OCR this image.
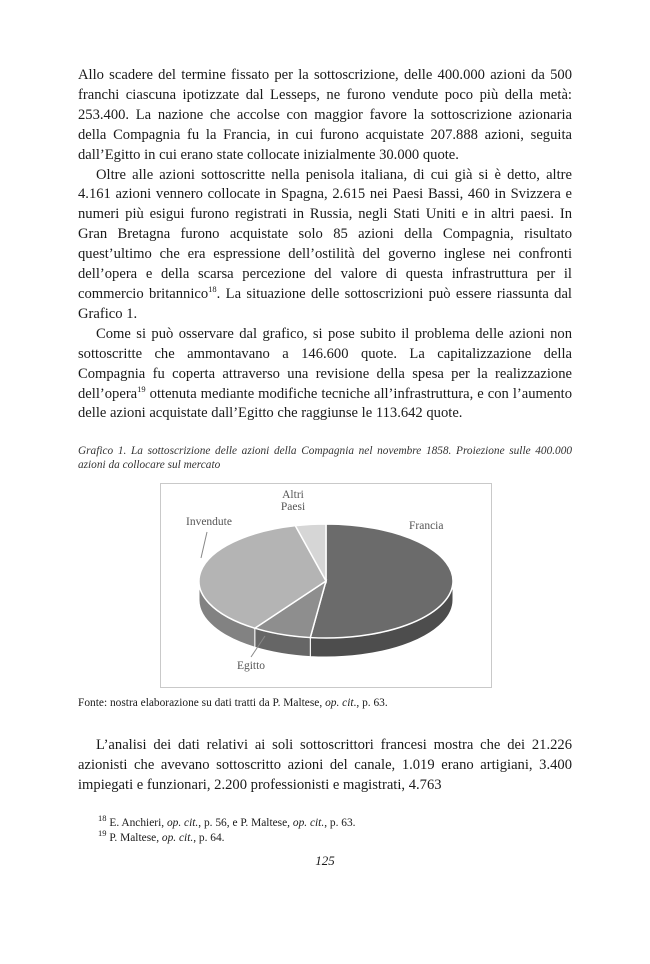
Allo scadere del termine fissato per la sottoscrizione, delle 400.000 azioni da 500 franchi ciascuna ipotizzate dal Lesseps, ne furono vendute poco più della metà: 253.400. La nazione che accolse con maggior favore la sottoscrizione azionaria della Compagnia fu la Francia, in cui furono acquistate 207.888 azioni, seguita dall’Egitto in cui erano state collocate inizialmente 30.000 quote.

Oltre alle azioni sottoscritte nella penisola italiana, di cui già si è detto, altre 4.161 azioni vennero collocate in Spagna, 2.615 nei Paesi Bassi, 460 in Svizzera e numeri più esigui furono registrati in Russia, negli Stati Uniti e in altri paesi. In Gran Bretagna furono acquistate solo 85 azioni della Compagnia, risultato quest’ultimo che era espressione dell’ostilità del governo inglese nei confronti dell’opera e della scarsa percezione del valore di questa infrastruttura per il commercio britannico$^{18}$. La situazione delle sottoscrizioni può essere riassunta dal Grafico 1.

Come si può osservare dal grafico, si pose subito il problema delle azioni non sottoscritte che ammontavano a 146.600 quote. La capitalizzazione della Compagnia fu coperta attraverso una revisione della spesa per la realizzazione dell’opera$^{19}$ ottenuta mediante modifiche tecniche all’infrastruttura, e con l’aumento delle azioni acquistate dall’Egitto che raggiunse le 113.642 quote.

Grafico 1. La sottoscrizione delle azioni della Compagnia nel novembre 1858. Proiezione sulle 400.000 azioni da collocare sul mercato
Francia
Egitto
Invendute
Altri Paesi
Fonte: nostra elaborazione su dati tratti da P. Maltese, op. cit., p. 63.

L’analisi dei dati relativi ai soli sottoscrittori francesi mostra che dei 21.226 azionisti che avevano sottoscritto azioni del canale, 1.019 erano artigiani, 3.400 impiegati e funzionari, 2.200 professionisti e magistrati, 4.763

$^{18}$ E. Anchieri, op. cit., p. 56, e P. Maltese, op. cit., p. 63.

$^{19}$ P. Maltese, op. cit., p. 64.

125
